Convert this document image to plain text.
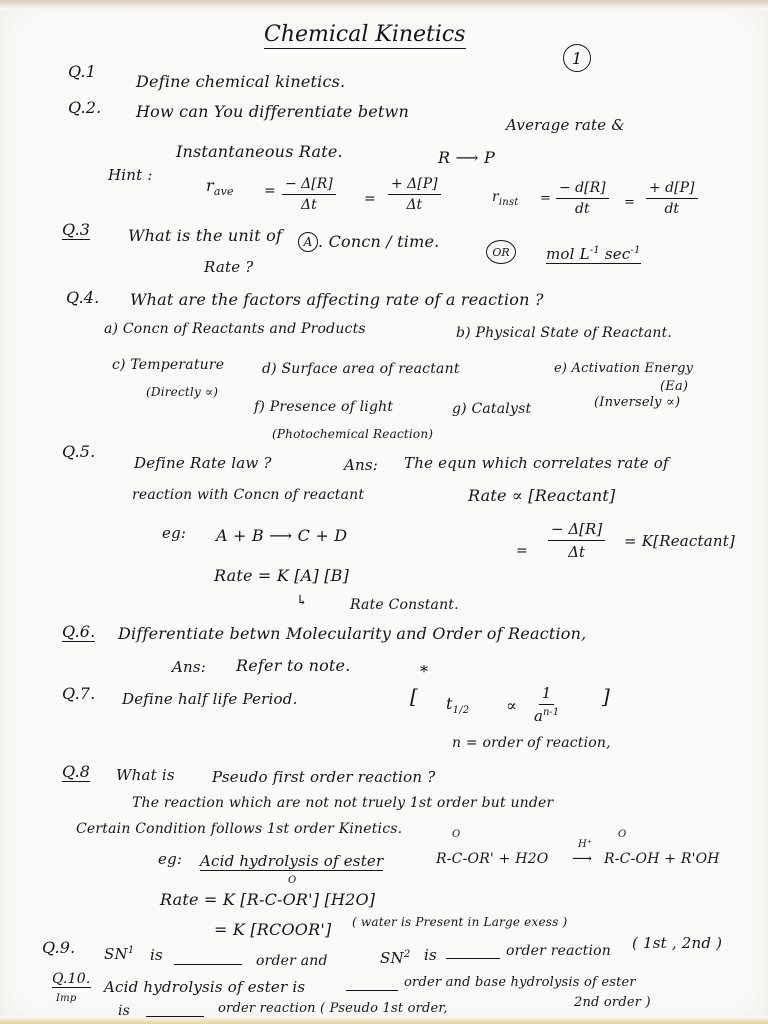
Chemical Kinetics
1
Q.1
Define chemical kinetics.
Q.2. How can You differentiate betwn
Average rate &
Instantaneous Rate.	R ⟶ P
Hint :
$r_{ave} = \frac{- \Delta[R]}{\Delta t} = \frac{+ \Delta[P]}{\Delta t}$	$r_{inst} = \frac{- d[R]}{dt} = \frac{+ d[P]}{dt}$
Q.3 What is the unit of	A . Concn / time.
OR	mol $L^{-1}$ $\sec^{-1}$
Rate ?
Q.4. What are the factors affecting rate of a reaction ?
a) Concn of Reactants and Products	b) Physical State of Reactant.
c) Temperature	d) Surface area of reactant	e) Activation Energy
(Ea)
(Directly ∝)
(Inversely ∝)
f) Presence of light	g) Catalyst
(Photochemical Reaction)
Q.5.
Define Rate law ?	Ans: The equn which correlates rate of
reaction with Concn of reactant	Rate ∝ [Reactant]
eg: A + B ⟶ C + D
= $\frac{- \Delta[R]}{\Delta t}$ = K[Reactant]
Rate = K [A] [B]
↳	Rate Constant.
Q.6. Differentiate betwn Molecularity and Order of Reaction,
Ans: Refer to note.
Q.7. Define half life Period.
*
[ $t_{1/2} \propto \frac{1}{a^{n-1}}$ ]
n = order of reaction,
Q.8 What is Pseudo first order reaction ?
The reaction which are not not truely 1st order but under
Certain Condition follows 1st order Kinetics.
eg: Acid hydrolysis of ester
O
R-C-OR' + H2O
H⁺
⟶
O
R-C-OH + R'OH
O
Rate = K [R-C-OR'] [H2O]
= K [RCOOR'] ( water is Present in Large exess )
Q.9. $SN^1$ is	order and	$SN^2$ is	order reaction ( 1st , 2nd )
Q.10.
Imp
Acid hydrolysis of ester is	order and base hydrolysis of ester
is	order reaction ( Pseudo 1st order,	2nd order )
